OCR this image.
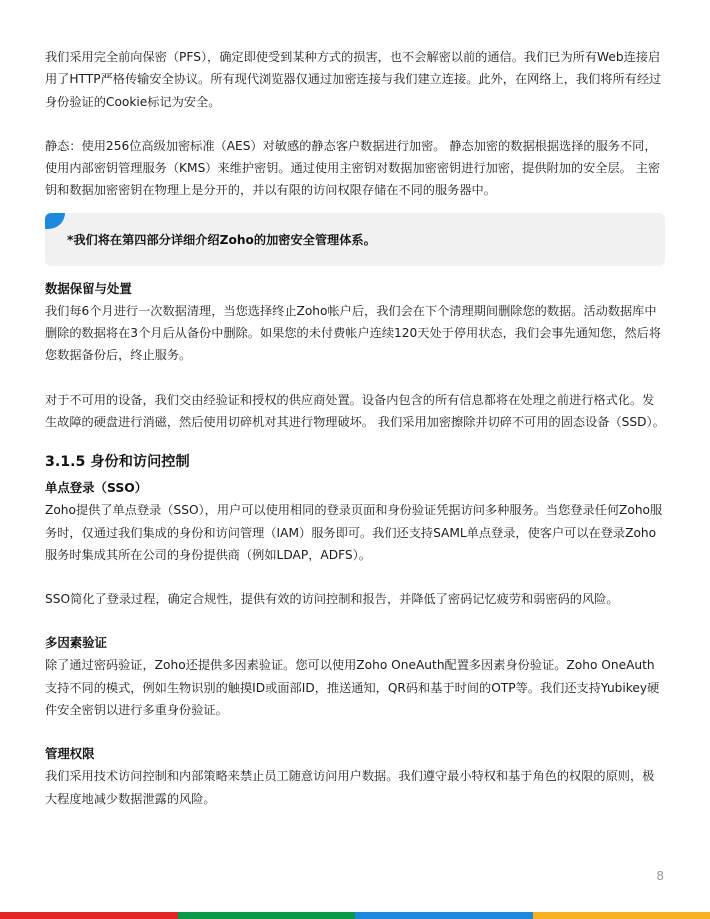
我们采用完全前向保密（PFS），确定即使受到某种方式的损害，也不会解密以前的通信。我们已为所有Web连接启用了HTTP严格传输安全协议。所有现代浏览器仅通过加密连接与我们建立连接。此外，在网络上，我们将所有经过身份验证的Cookie标记为安全。

静态：使用256位高级加密标准（AES）对敏感的静态客户数据进行加密。 静态加密的数据根据选择的服务不同，使用内部密钥管理服务（KMS）来维护密钥。通过使用主密钥对数据加密密钥进行加密，提供附加的安全层。 主密钥和数据加密密钥在物理上是分开的，并以有限的访问权限存储在不同的服务器中。

*我们将在第四部分详细介绍Zoho的加密安全管理体系。

数据保留与处置

我们每6个月进行一次数据清理，当您选择终止Zoho帐户后，我们会在下个清理期间删除您的数据。活动数据库中删除的数据将在3个月后从备份中删除。如果您的未付费帐户连续120天处于停用状态，我们会事先通知您，然后将您数据备份后，终止服务。

对于不可用的设备，我们交由经验证和授权的供应商处置。设备内包含的所有信息都将在处理之前进行格式化。发生故障的硬盘进行消磁，然后使用切碎机对其进行物理破坏。 我们采用加密擦除并切碎不可用的固态设备（SSD）。

3.1.5 身份和访问控制
单点登录（SSO）

Zoho提供了单点登录（SSO），用户可以使用相同的登录页面和身份验证凭据访问多种服务。当您登录任何Zoho服务时，仅通过我们集成的身份和访问管理（IAM）服务即可。我们还支持SAML单点登录，使客户可以在登录Zoho服务时集成其所在公司的身份提供商（例如LDAP，ADFS）。

SSO简化了登录过程，确定合规性，提供有效的访问控制和报告，并降低了密码记忆疲劳和弱密码的风险。

多因素验证

除了通过密码验证，Zoho还提供多因素验证。您可以使用Zoho OneAuth配置多因素身份验证。Zoho OneAuth支持不同的模式，例如生物识别的触摸ID或面部ID，推送通知，QR码和基于时间的OTP等。我们还支持Yubikey硬件安全密钥以进行多重身份验证。

管理权限

我们采用技术访问控制和内部策略来禁止员工随意访问用户数据。我们遵守最小特权和基于角色的权限的原则，极大程度地减少数据泄露的风险。

8
